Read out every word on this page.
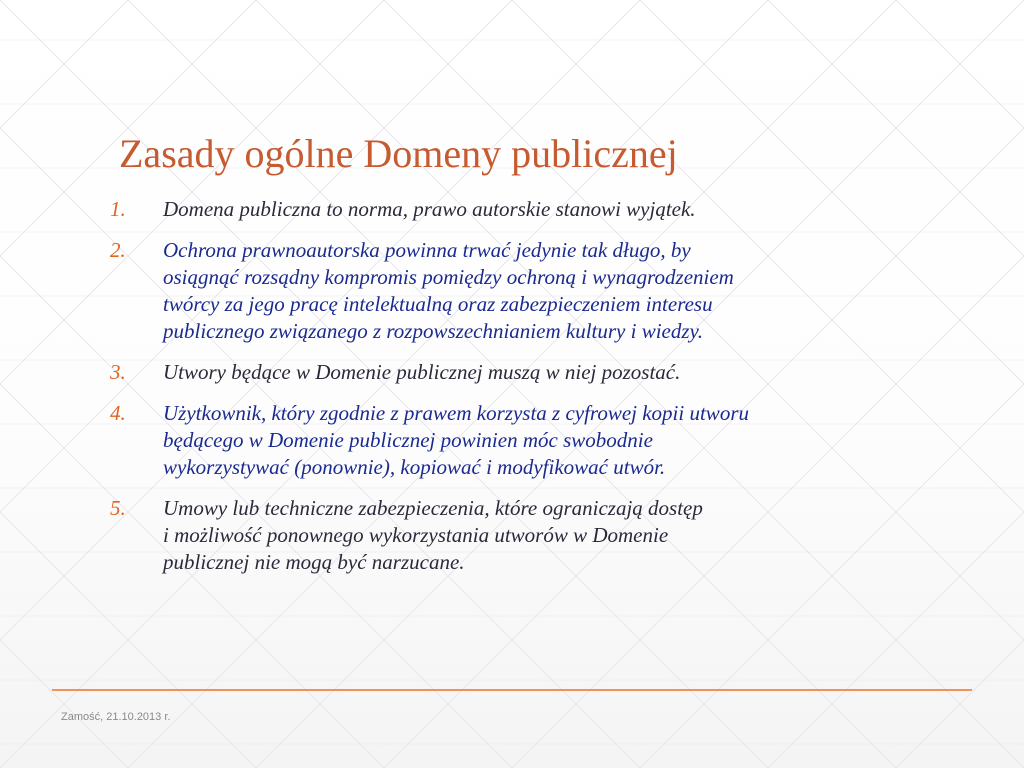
Zasady ogólne Domeny publicznej
1.	Domena publiczna to norma, prawo autorskie stanowi wyjątek.
2.	Ochrona prawnoautorska powinna trwać jedynie tak długo, by
osiągnąć rozsądny kompromis pomiędzy ochroną i wynagrodzeniem
twórcy za jego pracę intelektualną oraz zabezpieczeniem interesu
publicznego związanego z rozpowszechnianiem kultury i wiedzy.
3.	Utwory będące w Domenie publicznej muszą w niej pozostać.
4.	Użytkownik, który zgodnie z prawem korzysta z cyfrowej kopii utworu
będącego w Domenie publicznej powinien móc swobodnie
wykorzystywać (ponownie), kopiować i modyfikować utwór.
5.	Umowy lub techniczne zabezpieczenia, które ograniczają dostęp
i możliwość ponownego wykorzystania utworów w Domenie
publicznej nie mogą być narzucane.
Zamość, 21.10.2013 r.
